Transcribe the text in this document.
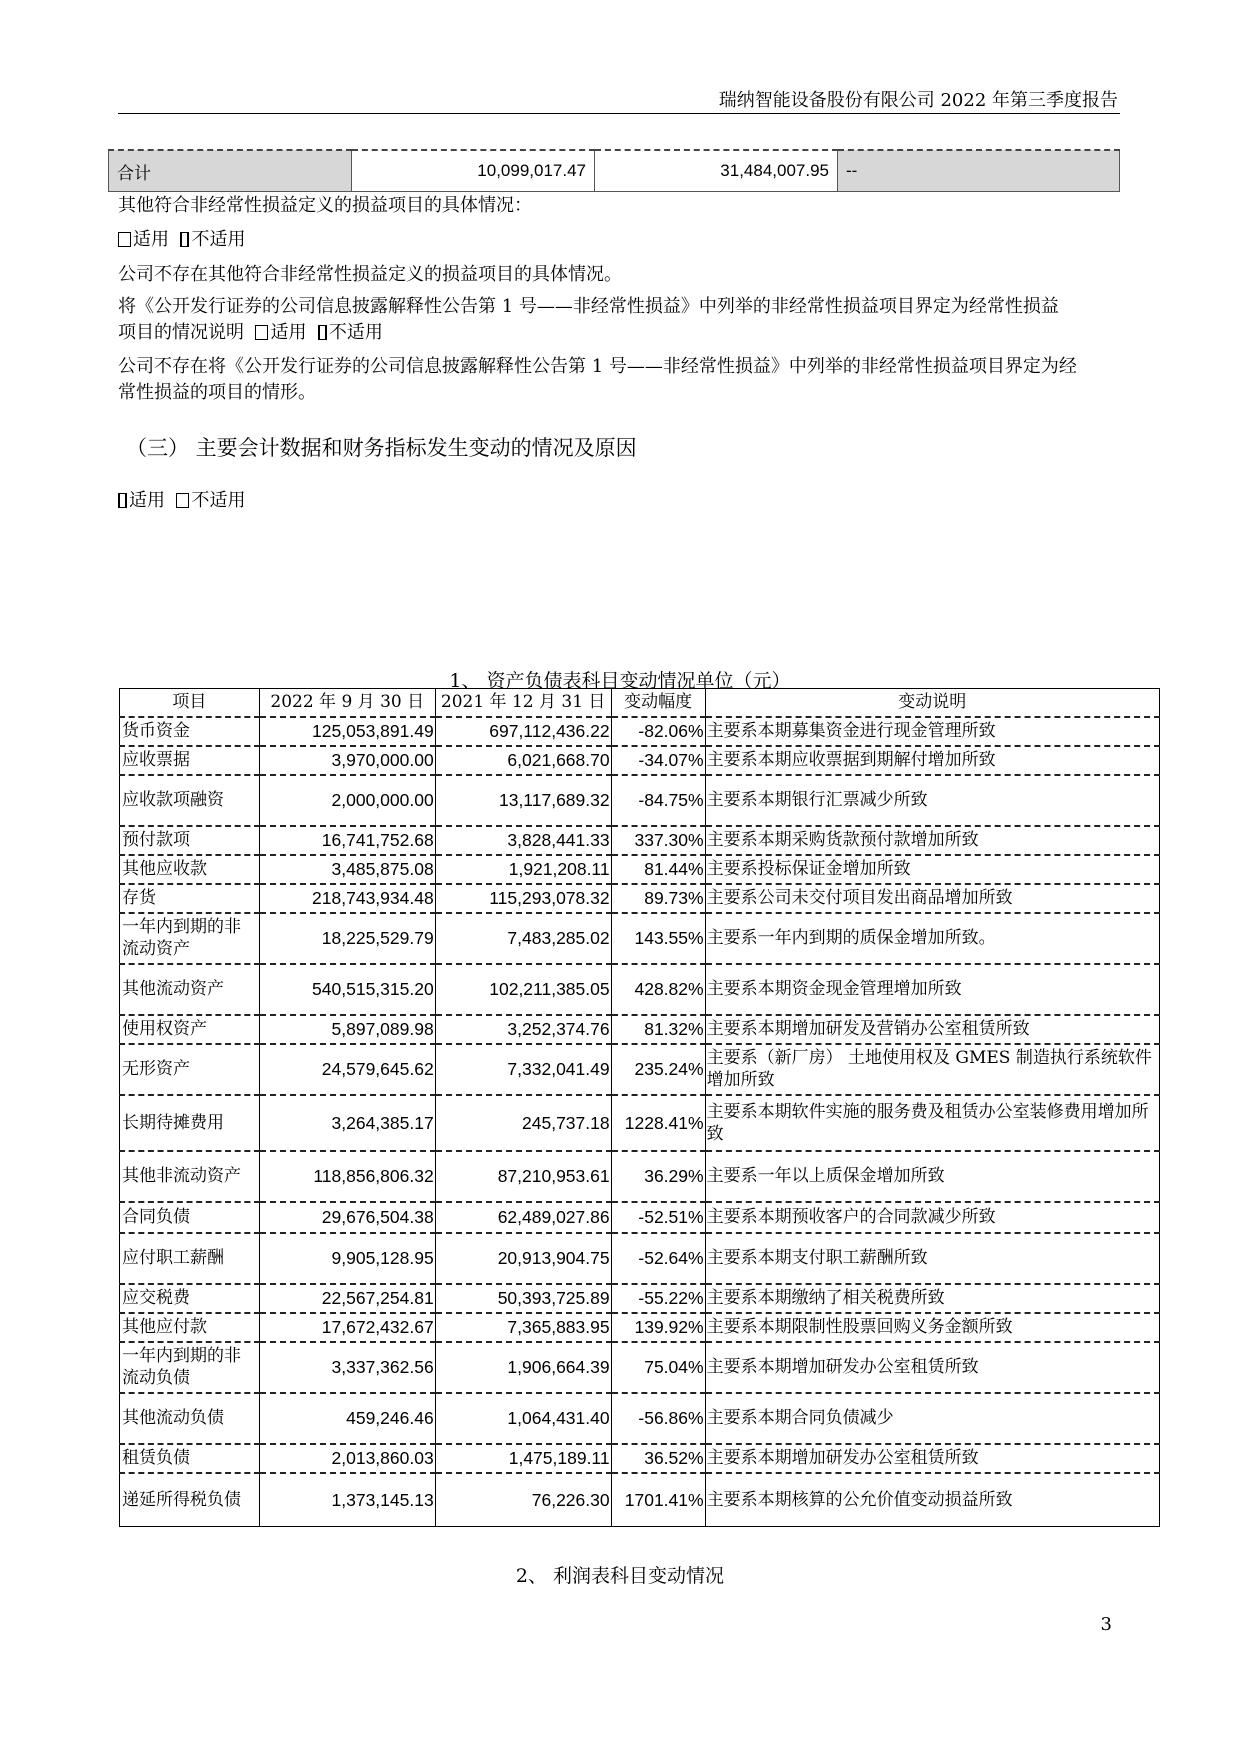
瑞纳智能设备股份有限公司 2022 年第三季度报告
合计	10,099,017.47	31,484,007.95	--
其他符合非经常性损益定义的损益项目的具体情况：
适用 不适用
公司不存在其他符合非经常性损益定义的损益项目的具体情况。
将《公开发行证券的公司信息披露解释性公告第 1 号——非经常性损益》中列举的非经常性损益项目界定为经常性损益
项目的情况说明 适用 不适用
公司不存在将《公开发行证券的公司信息披露解释性公告第 1 号——非经常性损益》中列举的非经常性损益项目界定为经
常性损益的项目的情形。
（三） 主要会计数据和财务指标发生变动的情况及原因
适用 不适用
1、 资产负债表科目变动情况单位（元）
项目	2022 年 9 月 30 日	2021 年 12 月 31 日	变动幅度	变动说明
货币资金	125,053,891.49	697,112,436.22	-82.06%	主要系本期募集资金进行现金管理所致
应收票据	3,970,000.00	6,021,668.70	-34.07%	主要系本期应收票据到期解付增加所致
应收款项融资	2,000,000.00	13,117,689.32	-84.75%	主要系本期银行汇票减少所致
预付款项	16,741,752.68	3,828,441.33	337.30%	主要系本期采购货款预付款增加所致
其他应收款	3,485,875.08	1,921,208.11	81.44%	主要系投标保证金增加所致
存货	218,743,934.48	115,293,078.32	89.73%	主要系公司未交付项目发出商品增加所致
一年内到期的非流动资产	18,225,529.79	7,483,285.02	143.55%	主要系一年内到期的质保金增加所致。
其他流动资产	540,515,315.20	102,211,385.05	428.82%	主要系本期资金现金管理增加所致
使用权资产	5,897,089.98	3,252,374.76	81.32%	主要系本期增加研发及营销办公室租赁所致
无形资产	24,579,645.62	7,332,041.49	235.24%	主要系（新厂房） 土地使用权及 GMES 制造执行系统软件增加所致
长期待摊费用	3,264,385.17	245,737.18	1228.41%	主要系本期软件实施的服务费及租赁办公室装修费用增加所致
其他非流动资产	118,856,806.32	87,210,953.61	36.29%	主要系一年以上质保金增加所致
合同负债	29,676,504.38	62,489,027.86	-52.51%	主要系本期预收客户的合同款减少所致
应付职工薪酬	9,905,128.95	20,913,904.75	-52.64%	主要系本期支付职工薪酬所致
应交税费	22,567,254.81	50,393,725.89	-55.22%	主要系本期缴纳了相关税费所致
其他应付款	17,672,432.67	7,365,883.95	139.92%	主要系本期限制性股票回购义务金额所致
一年内到期的非流动负债	3,337,362.56	1,906,664.39	75.04%	主要系本期增加研发办公室租赁所致
其他流动负债	459,246.46	1,064,431.40	-56.86%	主要系本期合同负债减少
租赁负债	2,013,860.03	1,475,189.11	36.52%	主要系本期增加研发办公室租赁所致
递延所得税负债	1,373,145.13	76,226.30	1701.41%	主要系本期核算的公允价值变动损益所致
2、 利润表科目变动情况
3
